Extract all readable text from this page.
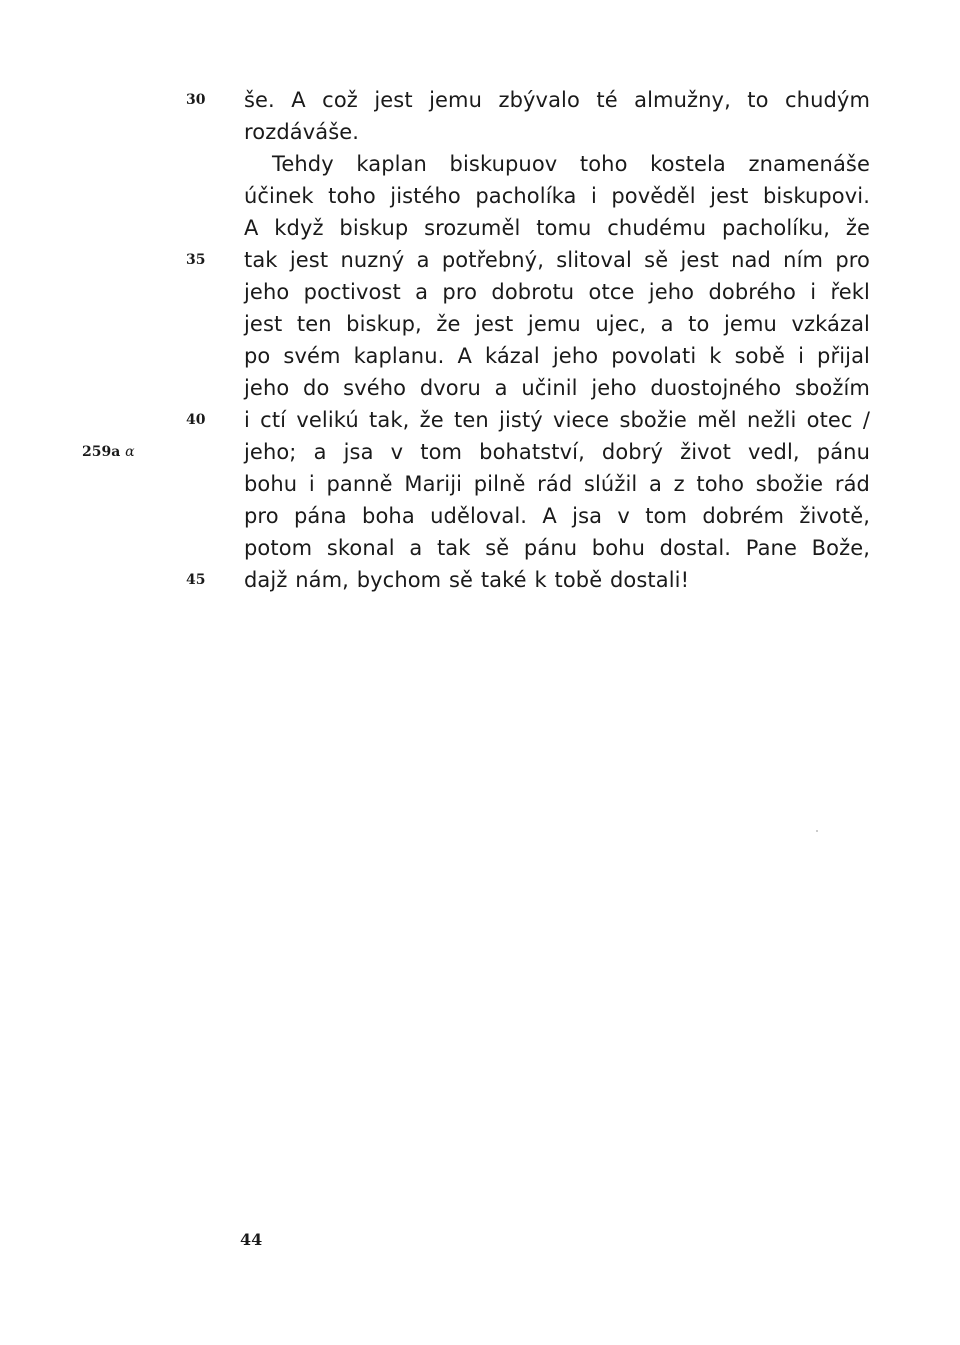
30	še. A což jest jemu zbývalo té almužny, to chudým
rozdáváše.
Tehdy kaplan biskupuov toho kostela znamenáše
účinek toho jistého pacholíka i pověděl jest biskupovi.
A když biskup srozuměl tomu chudému pacholíku, že
35	tak jest nuzný a potřebný, slitoval sě jest nad ním pro
jeho poctivost a pro dobrotu otce jeho dobrého i řekl
jest ten biskup, že jest jemu ujec, a to jemu vzkázal
po svém kaplanu. A kázal jeho povolati k sobě i přijal
jeho do svého dvoru a učinil jeho duostojného sbožím
40	i ctí velikú tak, že ten jistý viece sbožie měl nežli otec /
259a α	jeho; a jsa v tom bohatství, dobrý život vedl, pánu
bohu i panně Mariji pilně rád slúžil a z toho sbožie rád
pro pána boha uděloval. A jsa v tom dobrém životě,
potom skonal a tak sě pánu bohu dostal. Pane Bože,
45	dajž nám, bychom sě také k tobě dostali!
44
